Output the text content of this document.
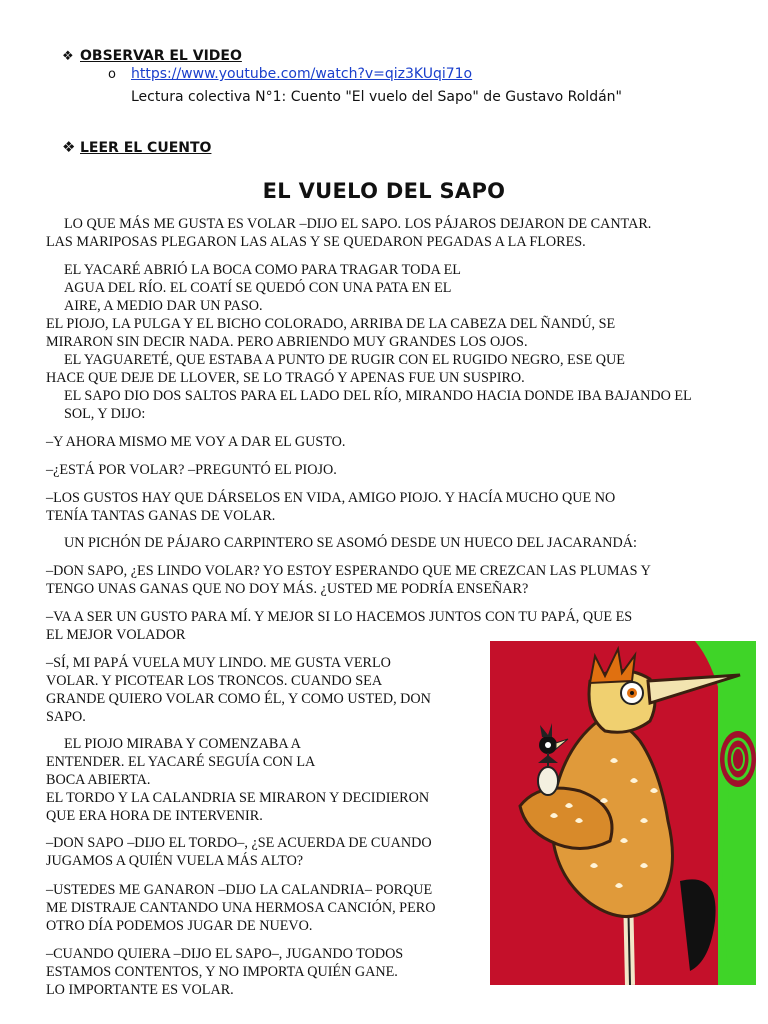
❖ OBSERVAR EL VIDEO
o https://www.youtube.com/watch?v=qiz3KUqi71o
Lectura colectiva N°1: Cuento "El vuelo del Sapo" de Gustavo Roldán"
❖ LEER EL CUENTO
EL VUELO DEL SAPO
LO QUE MÁS ME GUSTA ES VOLAR –DIJO EL SAPO. LOS PÁJAROS DEJARON DE CANTAR.
LAS MARIPOSAS PLEGARON LAS ALAS Y SE QUEDARON PEGADAS A LA FLORES.
EL YACARÉ ABRIÓ LA BOCA COMO PARA TRAGAR TODA EL
AGUA DEL RÍO. EL COATÍ SE QUEDÓ CON UNA PATA EN EL
AIRE, A MEDIO DAR UN PASO.
EL PIOJO, LA PULGA Y EL BICHO COLORADO, ARRIBA DE LA CABEZA DEL ÑANDÚ, SE
MIRARON SIN DECIR NADA. PERO ABRIENDO MUY GRANDES LOS OJOS.
EL YAGUARETÉ, QUE ESTABA A PUNTO DE RUGIR CON EL RUGIDO NEGRO, ESE QUE
HACE QUE DEJE DE LLOVER, SE LO TRAGÓ Y APENAS FUE UN SUSPIRO.
EL SAPO DIO DOS SALTOS PARA EL LADO DEL RÍO, MIRANDO HACIA DONDE IBA BAJANDO EL
SOL, Y DIJO:
–Y AHORA MISMO ME VOY A DAR EL GUSTO.
–¿ESTÁ POR VOLAR? –PREGUNTÓ EL PIOJO.
–LOS GUSTOS HAY QUE DÁRSELOS EN VIDA, AMIGO PIOJO. Y HACÍA MUCHO QUE NO
TENÍA TANTAS GANAS DE VOLAR.
UN PICHÓN DE PÁJARO CARPINTERO SE ASOMÓ DESDE UN HUECO DEL JACARANDÁ:
–DON SAPO, ¿ES LINDO VOLAR? YO ESTOY ESPERANDO QUE ME CREZCAN LAS PLUMAS Y
TENGO UNAS GANAS QUE NO DOY MÁS. ¿USTED ME PODRÍA ENSEÑAR?
–VA A SER UN GUSTO PARA MÍ. Y MEJOR SI LO HACEMOS JUNTOS CON TU PAPÁ, QUE ES
EL MEJOR VOLADOR
–SÍ, MI PAPÁ VUELA MUY LINDO. ME GUSTA VERLO
VOLAR. Y PICOTEAR LOS TRONCOS. CUANDO SEA
GRANDE QUIERO VOLAR COMO ÉL, Y COMO USTED, DON
SAPO.
EL PIOJO MIRABA Y COMENZABA A
ENTENDER. EL YACARÉ SEGUÍA CON LA
BOCA ABIERTA.
EL TORDO Y LA CALANDRIA SE MIRARON Y DECIDIERON
QUE ERA HORA DE INTERVENIR.
–DON SAPO –DIJO EL TORDO–, ¿SE ACUERDA DE CUANDO
JUGAMOS A QUIÉN VUELA MÁS ALTO?
–USTEDES ME GANARON –DIJO LA CALANDRIA– PORQUE
ME DISTRAJE CANTANDO UNA HERMOSA CANCIÓN, PERO
OTRO DÍA PODEMOS JUGAR DE NUEVO.
–CUANDO QUIERA –DIJO EL SAPO–, JUGANDO TODOS
ESTAMOS CONTENTOS, Y NO IMPORTA QUIÉN GANE.
LO IMPORTANTE ES VOLAR.
